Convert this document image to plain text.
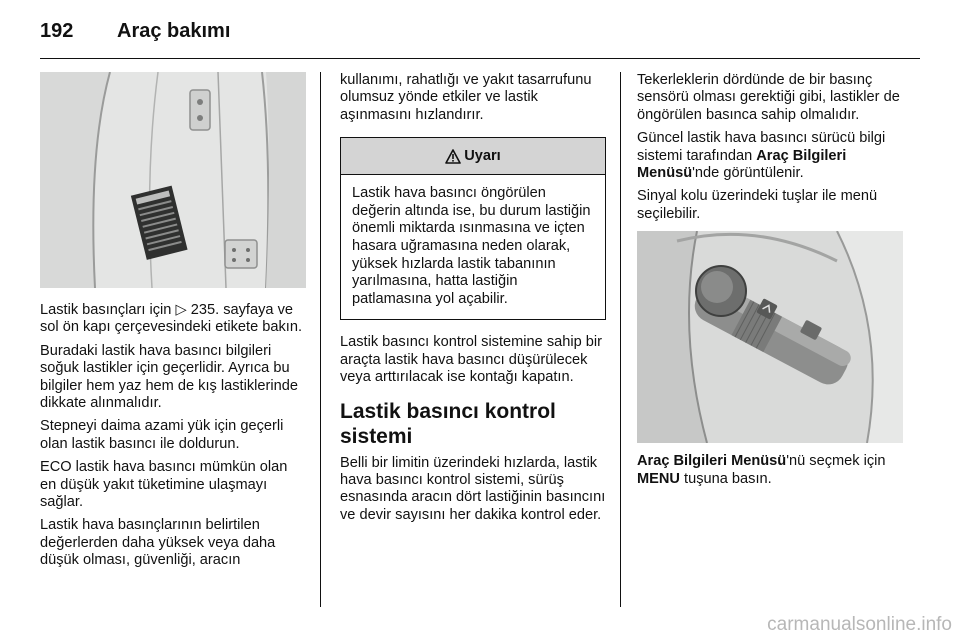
192 Araç bakımı

Lastik basınçları için ▷ 235. sayfaya ve sol ön kapı çerçevesindeki etikete bakın.

Buradaki lastik hava basıncı bilgileri soğuk lastikler için geçerlidir. Ayrıca bu bilgiler hem yaz hem de kış lastiklerinde dikkate alınmalıdır.

Stepneyi daima azami yük için geçerli olan lastik basıncı ile doldurun.

ECO lastik hava basıncı mümkün olan en düşük yakıt tüketimine ulaşmayı sağlar.

Lastik hava basınçlarının belirtilen değerlerden daha yüksek veya daha düşük olması, güvenliği, aracın

kullanımı, rahatlığı ve yakıt tasarrufunu olumsuz yönde etkiler ve lastik aşınmasını hızlandırır.

Uyarı
Lastik hava basıncı öngörülen değerin altında ise, bu durum lastiğin önemli miktarda ısınmasına ve içten hasara uğramasına neden olarak, yüksek hızlarda lastik tabanının yarılmasına, hatta lastiğin patlamasına yol açabilir.

Lastik basıncı kontrol sistemine sahip bir araçta lastik hava basıncı düşürülecek veya arttırılacak ise kontağı kapatın.

Lastik basıncı kontrol sistemi

Belli bir limitin üzerindeki hızlarda, lastik hava basıncı kontrol sistemi, sürüş esnasında aracın dört lastiğinin basıncını ve devir sayısını her dakika kontrol eder.

Tekerleklerin dördünde de bir basınç sensörü olması gerektiği gibi, lastikler de öngörülen basınca sahip olmalıdır.

Güncel lastik hava basıncı sürücü bilgi sistemi tarafından Araç Bilgileri Menüsü'nde görüntülenir.

Sinyal kolu üzerindeki tuşlar ile menü seçilebilir.

Araç Bilgileri Menüsü'nü seçmek için MENU tuşuna basın.

carmanualsonline.info
